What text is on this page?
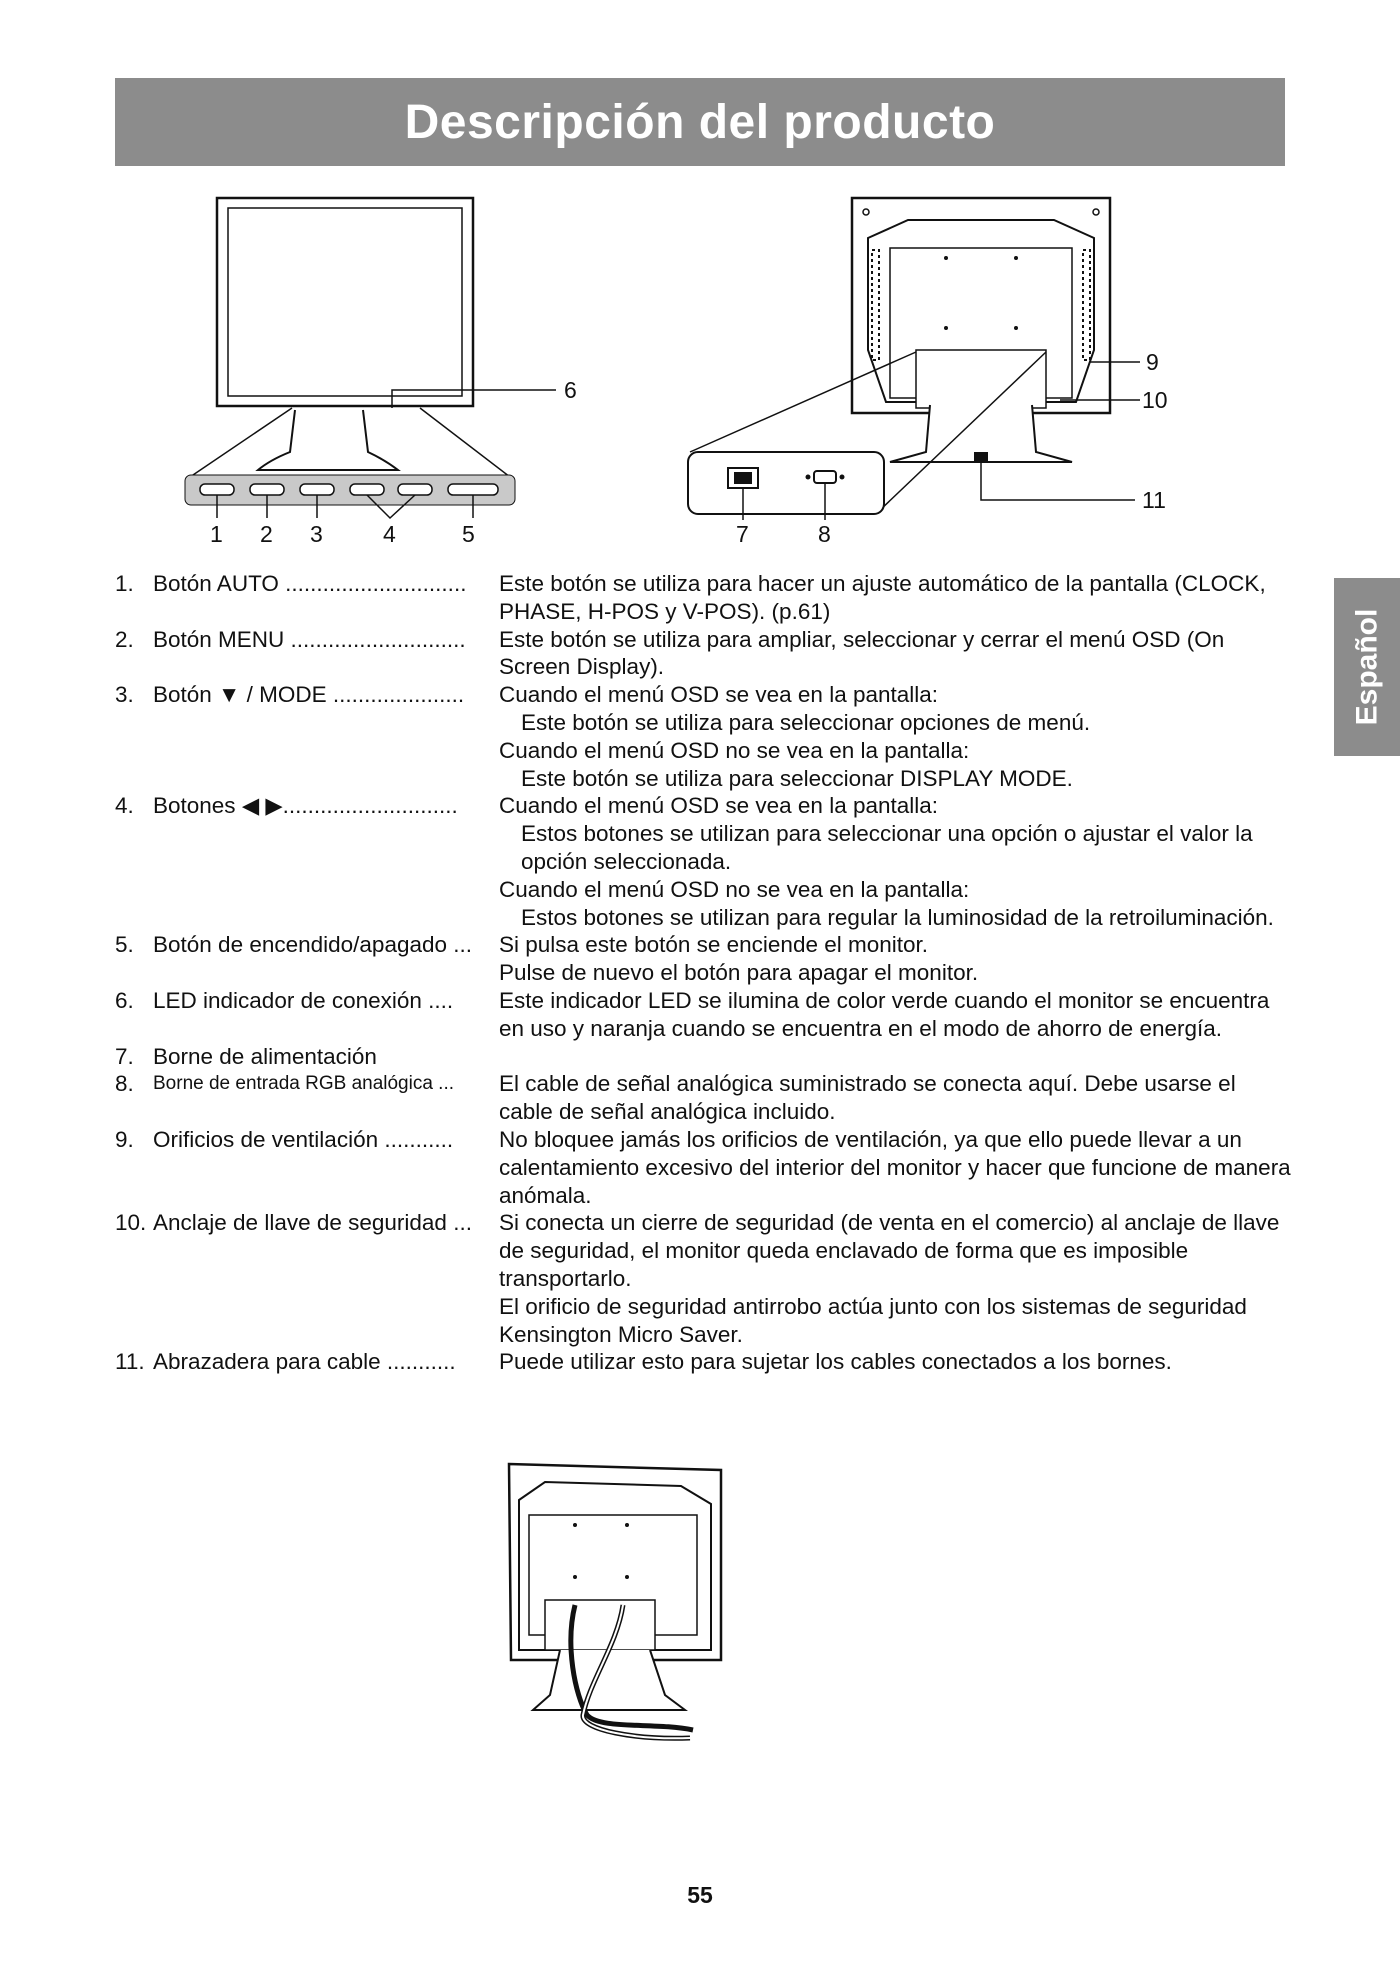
Descripción del producto
Español
1 2 3	4	5
6
7	8
9
10
11
1. Botón AUTO .............................	Este botón se utiliza para hacer un ajuste automático de la pantalla (CLOCK, PHASE, H-POS y V-POS). (p.61)

2. Botón MENU ............................	Este botón se utiliza para ampliar, seleccionar y cerrar el menú OSD (On Screen Display).

3. Botón ▼ / MODE .....................	Cuando el menú OSD se vea en la pantalla:

Este botón se utiliza para seleccionar opciones de menú.

Cuando el menú OSD no se vea en la pantalla:

Este botón se utiliza para seleccionar DISPLAY MODE.

4. Botones ◀ ▶............................	Cuando el menú OSD se vea en la pantalla:

Estos botones se utilizan para seleccionar una opción o ajustar el valor la opción seleccionada.

Cuando el menú OSD no se vea en la pantalla:

Estos botones se utilizan para regular la luminosidad de la retroiluminación.

5. Botón de encendido/apagado ...	Si pulsa este botón se enciende el monitor.

Pulse de nuevo el botón para apagar el monitor.

6. LED indicador de conexión ....	Este indicador LED se ilumina de color verde cuando el monitor se encuentra en uso y naranja cuando se encuentra en el modo de ahorro de energía.

7. Borne de alimentación
8.	Borne de entrada RGB analógica ...	El cable de señal analógica suministrado se conecta aquí. Debe usarse el cable de señal analógica incluido.

9. Orificios de ventilación ...........	No bloquee jamás los orificios de ventilación, ya que ello puede llevar a un calentamiento excesivo del interior del monitor y hacer que funcione de manera anómala.

10. Anclaje de llave de seguridad ...	Si conecta un cierre de seguridad (de venta en el comercio) al anclaje de llave de seguridad, el monitor queda enclavado de forma que es imposible transportarlo.

El orificio de seguridad antirrobo actúa junto con los sistemas de seguridad Kensington Micro Saver.

11. Abrazadera para cable ...........	Puede utilizar esto para sujetar los cables conectados a los bornes.

55
